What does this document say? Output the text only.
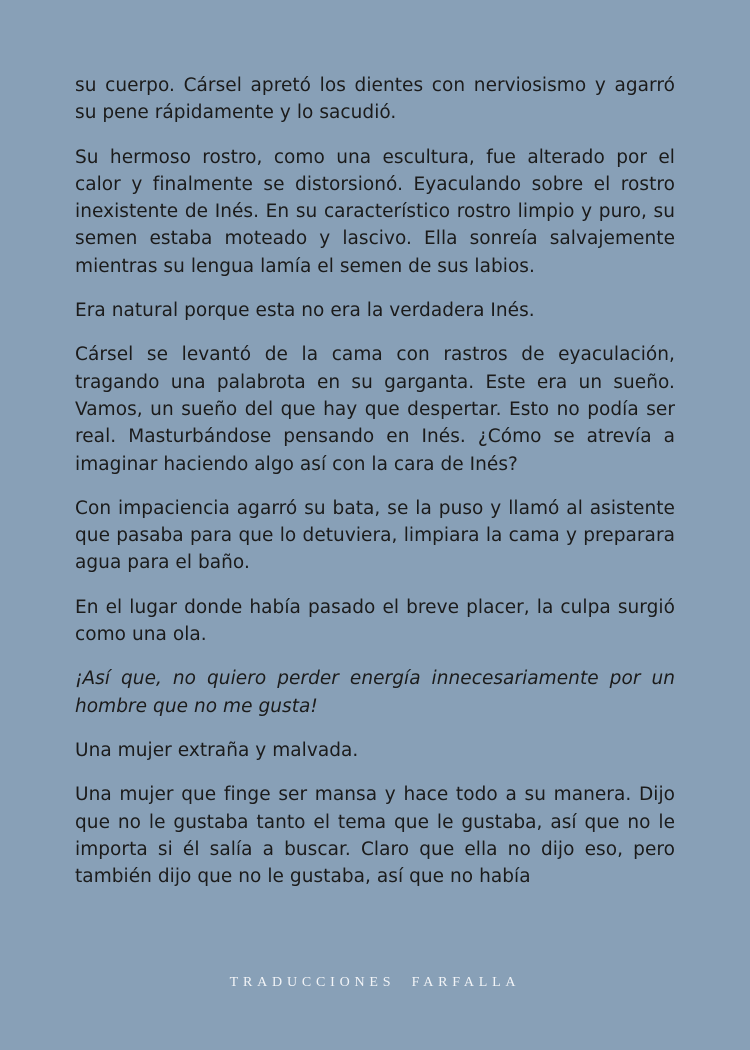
su cuerpo. Cársel apretó los dientes con nerviosismo y agarró su pene rápidamente y lo sacudió.

Su hermoso rostro, como una escultura, fue alterado por el calor y finalmente se distorsionó. Eyaculando sobre el rostro inexistente de Inés. En su característico rostro limpio y puro, su semen estaba moteado y lascivo. Ella sonreía salvajemente mientras su lengua lamía el semen de sus labios.

Era natural porque esta no era la verdadera Inés.

Cársel se levantó de la cama con rastros de eyaculación, tragando una palabrota en su garganta. Este era un sueño. Vamos, un sueño del que hay que despertar. Esto no podía ser real. Masturbándose pensando en Inés. ¿Cómo se atrevía a imaginar haciendo algo así con la cara de Inés?

Con impaciencia agarró su bata, se la puso y llamó al asistente que pasaba para que lo detuviera, limpiara la cama y preparara agua para el baño.

En el lugar donde había pasado el breve placer, la culpa surgió como una ola.

¡Así que, no quiero perder energía innecesariamente por un hombre que no me gusta!

Una mujer extraña y malvada.

Una mujer que finge ser mansa y hace todo a su manera. Dijo que no le gustaba tanto el tema que le gustaba, así que no le importa si él salía a buscar. Claro que ella no dijo eso, pero también dijo que no le gustaba, así que no había

TRADUCCIONES FARFALLA
